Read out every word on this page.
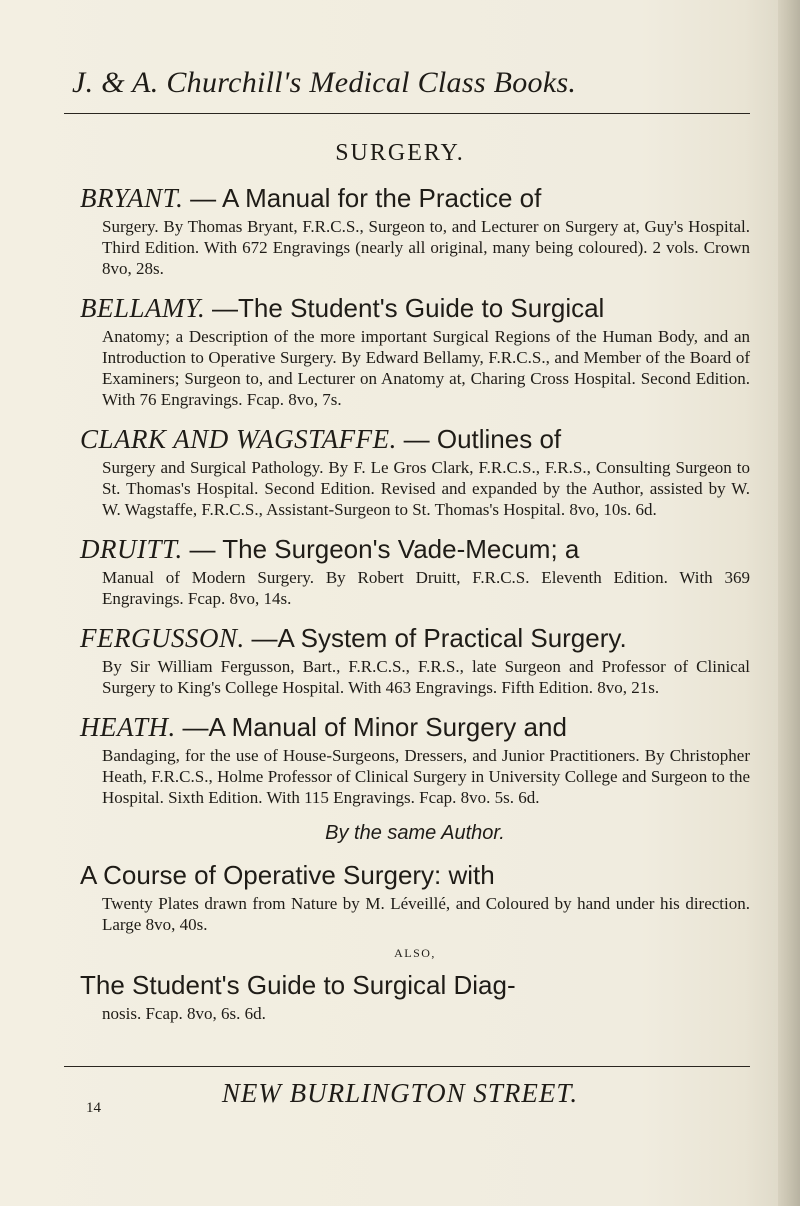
J. & A. Churchill's Medical Class Books.
SURGERY.
BRYANT. — A Manual for the Practice of
Surgery. By Thomas Bryant, F.R.C.S., Surgeon to, and Lecturer on Surgery at, Guy's Hospital. Third Edition. With 672 Engravings (nearly all original, many being coloured). 2 vols. Crown 8vo, 28s.
BELLAMY. —The Student's Guide to Surgical
Anatomy; a Description of the more important Surgical Regions of the Human Body, and an Introduction to Operative Surgery. By Edward Bellamy, F.R.C.S., and Member of the Board of Examiners; Surgeon to, and Lecturer on Anatomy at, Charing Cross Hospital. Second Edition. With 76 Engravings. Fcap. 8vo, 7s.
CLARK AND WAGSTAFFE. — Outlines of
Surgery and Surgical Pathology. By F. Le Gros Clark, F.R.C.S., F.R.S., Consulting Surgeon to St. Thomas's Hospital. Second Edition. Revised and expanded by the Author, assisted by W. W. Wagstaffe, F.R.C.S., Assistant-Surgeon to St. Thomas's Hospital. 8vo, 10s. 6d.
DRUITT. — The Surgeon's Vade-Mecum; a
Manual of Modern Surgery. By Robert Druitt, F.R.C.S. Eleventh Edition. With 369 Engravings. Fcap. 8vo, 14s.
FERGUSSON. —A System of Practical Surgery.
By Sir William Fergusson, Bart., F.R.C.S., F.R.S., late Surgeon and Professor of Clinical Surgery to King's College Hospital. With 463 Engravings. Fifth Edition. 8vo, 21s.
HEATH. —A Manual of Minor Surgery and
Bandaging, for the use of House-Surgeons, Dressers, and Junior Practitioners. By Christopher Heath, F.R.C.S., Holme Professor of Clinical Surgery in University College and Surgeon to the Hospital. Sixth Edition. With 115 Engravings. Fcap. 8vo. 5s. 6d.
By the same Author.
A Course of Operative Surgery: with
Twenty Plates drawn from Nature by M. Léveillé, and Coloured by hand under his direction. Large 8vo, 40s.
ALSO,
The Student's Guide to Surgical Diag-
nosis. Fcap. 8vo, 6s. 6d.
NEW BURLINGTON STREET.
14
